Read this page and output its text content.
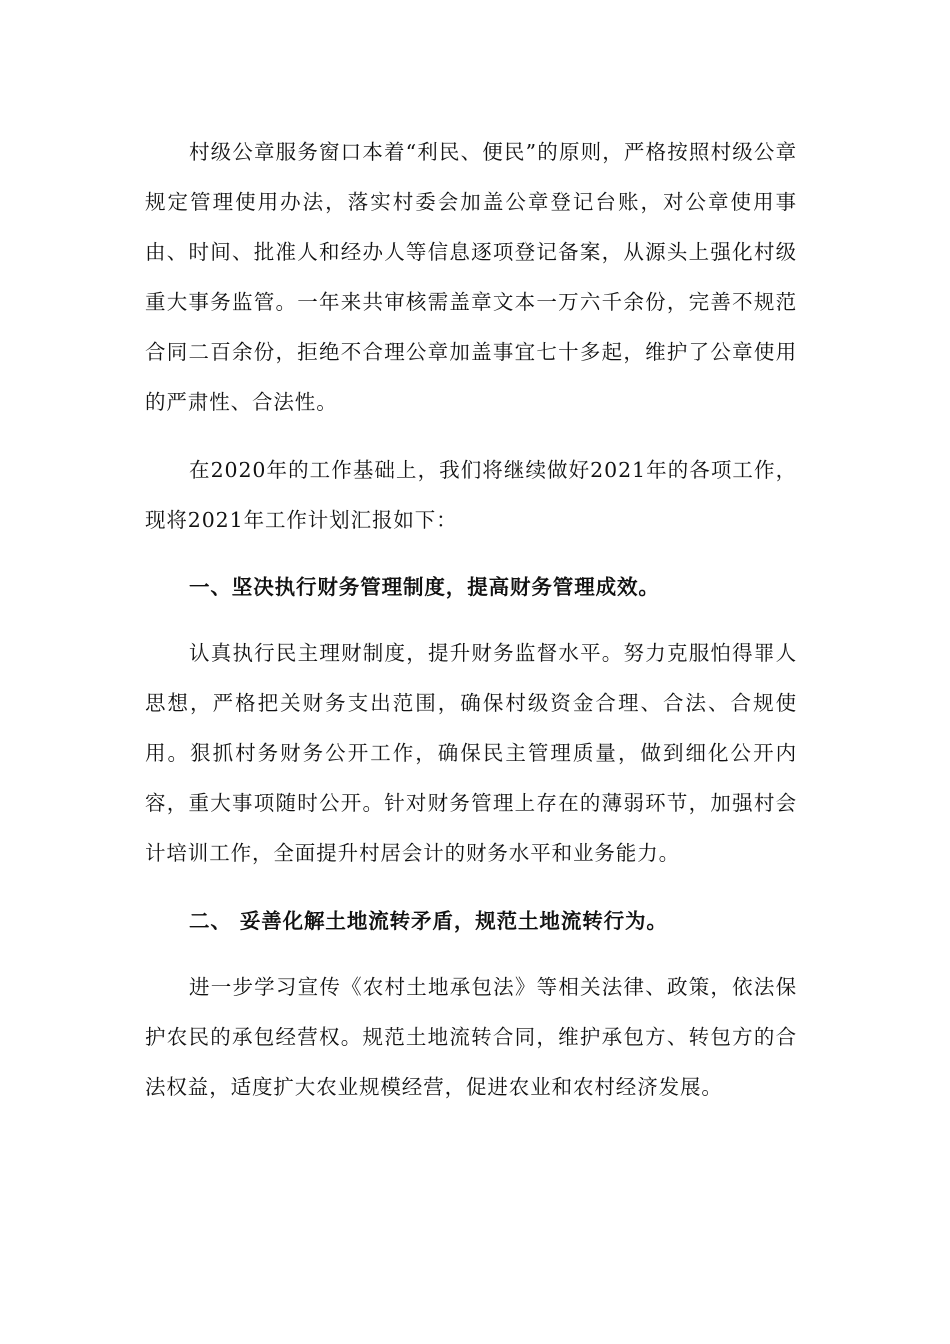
村级公章服务窗口本着“利民、便民”的原则，严格按照村级公章规定管理使用办法，落实村委会加盖公章登记台账，对公章使用事由、时间、批准人和经办人等信息逐项登记备案，从源头上强化村级重大事务监管。一年来共审核需盖章文本一万六千余份，完善不规范合同二百余份，拒绝不合理公章加盖事宜七十多起，维护了公章使用的严肃性、合法性。

在2020年的工作基础上，我们将继续做好2021年的各项工作，现将2021年工作计划汇报如下：

一、坚决执行财务管理制度，提高财务管理成效。

认真执行民主理财制度，提升财务监督水平。努力克服怕得罪人思想，严格把关财务支出范围，确保村级资金合理、合法、合规使用。狠抓村务财务公开工作，确保民主管理质量，做到细化公开内容，重大事项随时公开。针对财务管理上存在的薄弱环节，加强村会计培训工作，全面提升村居会计的财务水平和业务能力。

二、 妥善化解土地流转矛盾，规范土地流转行为。

进一步学习宣传《农村土地承包法》等相关法律、政策，依法保护农民的承包经营权。规范土地流转合同，维护承包方、转包方的合法权益，适度扩大农业规模经营，促进农业和农村经济发展。
